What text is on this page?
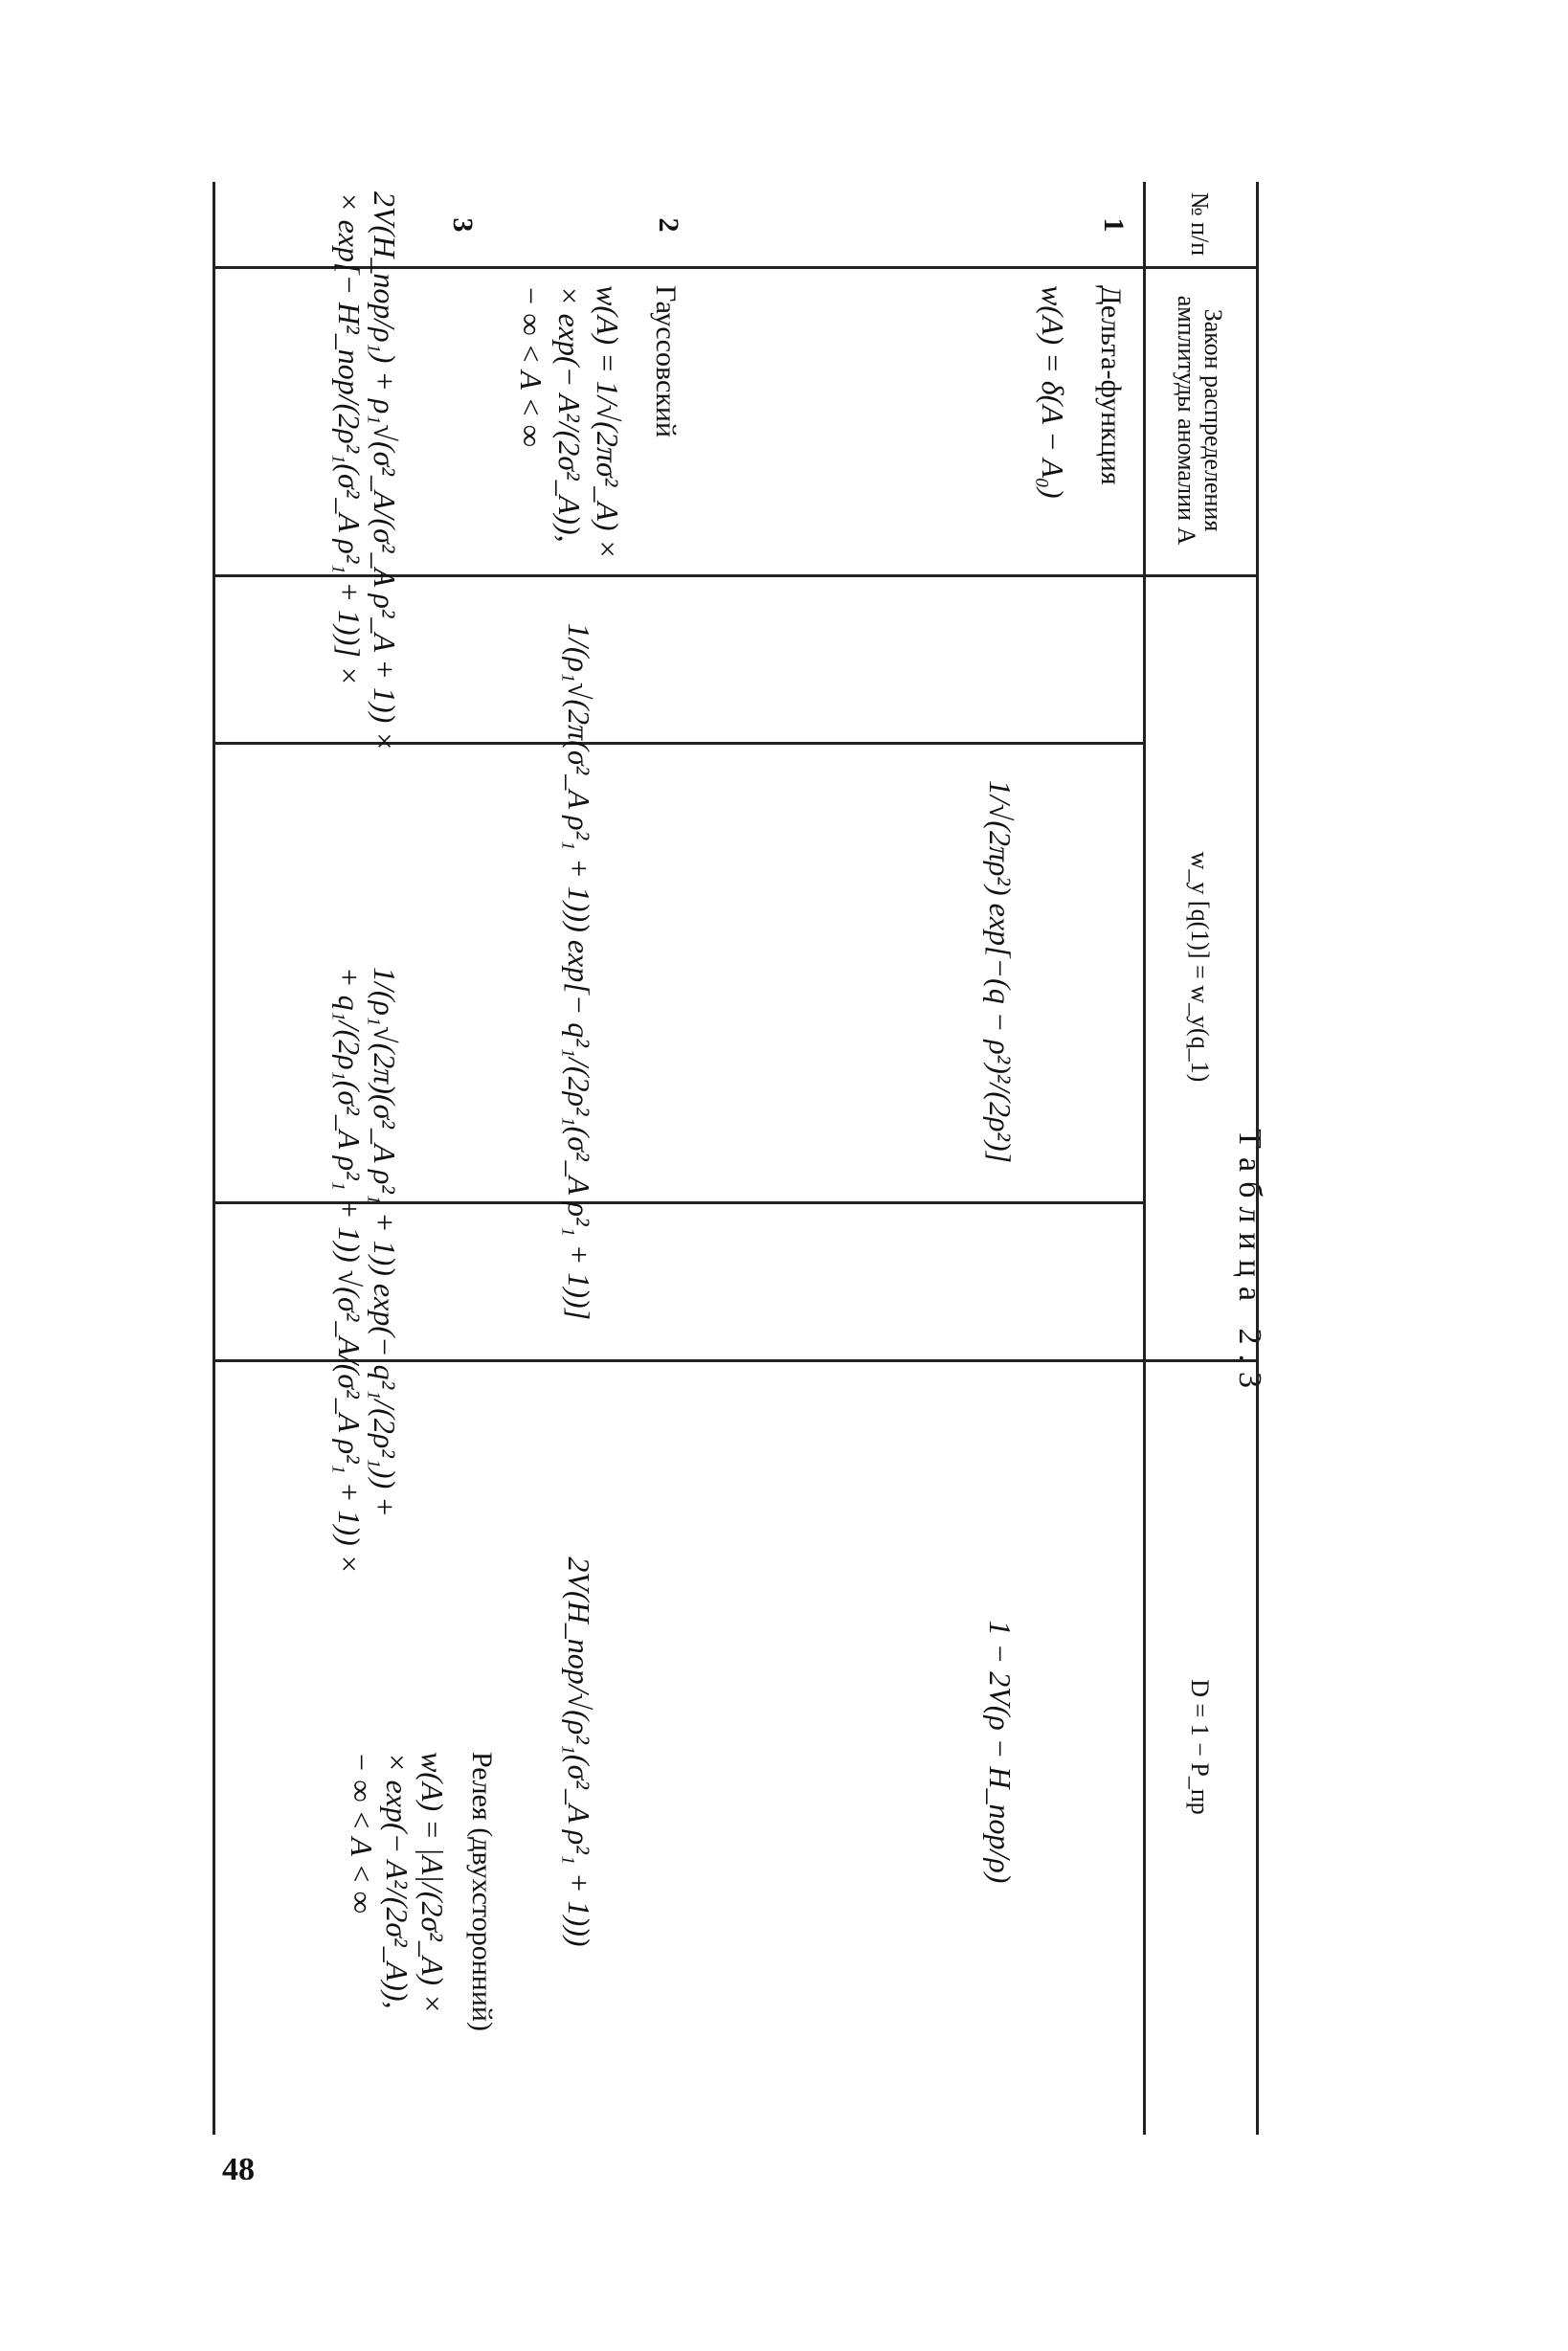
48
Таблица 2.3
№ п/п
Закон распределения амплитуды аномалии A
w_y [q(1)] = w_y(q_1)
D = 1 − P_пр
1
Дельта-функция
w(A) = δ(A − A₀)
1/√(2πρ²) exp[−(q − ρ²)²/(2ρ²)]
1 − 2V(ρ − H_пор/ρ)
2
Гауссовский
w(A) = 1/√(2πσ²_A) ×
× exp(− A²/(2σ²_A)),
− ∞ < A < ∞
1/(ρ₁√(2π(σ²_A ρ²₁ + 1))) exp[− q²₁/(2ρ²₁(σ²_A ρ²₁ + 1))]
2V(H_пор/√(ρ²₁(σ²_A ρ²₁ + 1)))
3
Релея (двухсторонний)
w(A) = |A|/(2σ²_A) ×
× exp(− A²/(2σ²_A)),
− ∞ < A < ∞
1/(ρ₁√(2π)(σ²_A ρ²₁ + 1)) exp(− q²₁/(2ρ²₁)) +
+ q₁/(2ρ₁(σ²_A ρ²₁ + 1)) √(σ²_A/(σ²_A ρ²₁ + 1)) ×
2V(H_пор/ρ₁) + ρ₁√(σ²_A/(σ²_A ρ²_A + 1)) ×
× exp[− H²_пор/(2ρ²₁(σ²_A ρ²₁ + 1))] ×
